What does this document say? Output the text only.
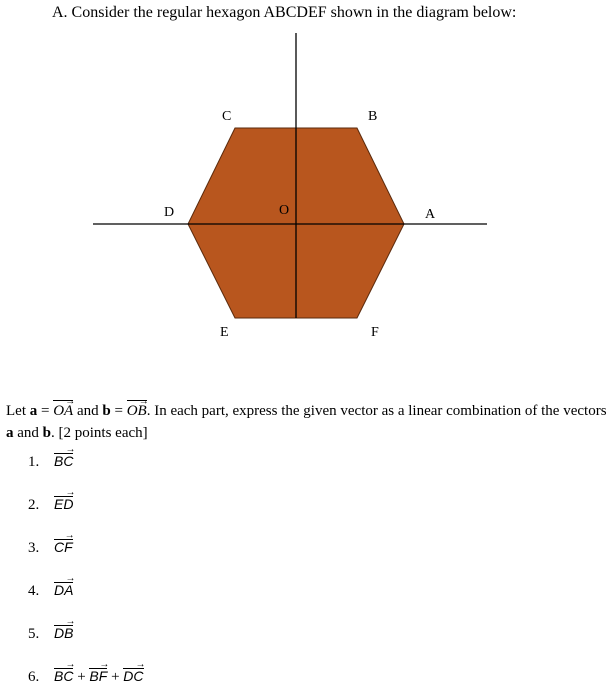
A. Consider the regular hexagon ABCDEF shown in the diagram below:
C	B
D	O	A
E	F
Let a =
→
OA and b =
→
OB. In each part, express the given vector as a linear combination of the vectors a and b. [2 points each]
1.
→
BC
2.
→
ED
3.
→
CF
4.
→
DA
5.
→
DB
6.
→
BC +
→
BF +
→
DC
